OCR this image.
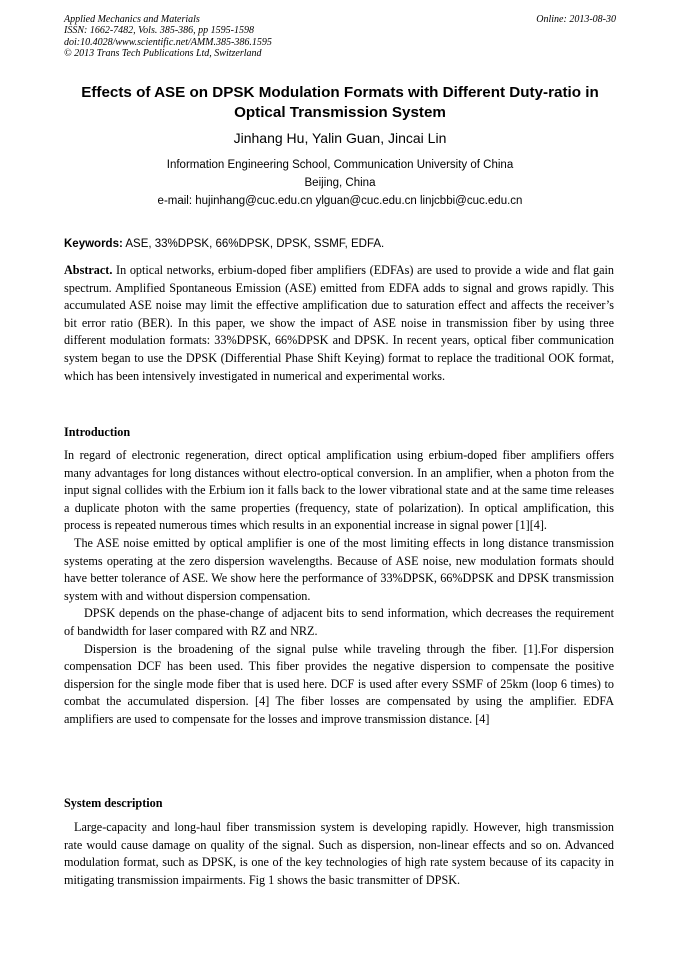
Applied Mechanics and Materials
ISSN: 1662-7482, Vols. 385-386, pp 1595-1598
doi:10.4028/www.scientific.net/AMM.385-386.1595
© 2013 Trans Tech Publications Ltd, Switzerland
Online: 2013-08-30
Effects of ASE on DPSK Modulation Formats with Different Duty-ratio in Optical Transmission System
Jinhang Hu, Yalin Guan, Jincai Lin
Information Engineering School, Communication University of China
Beijing, China
e-mail: hujinhang@cuc.edu.cn ylguan@cuc.edu.cn linjcbbi@cuc.edu.cn
Keywords: ASE, 33%DPSK, 66%DPSK, DPSK, SSMF, EDFA.
Abstract. In optical networks, erbium-doped fiber amplifiers (EDFAs) are used to provide a wide and flat gain spectrum. Amplified Spontaneous Emission (ASE) emitted from EDFA adds to signal and grows rapidly. This accumulated ASE noise may limit the effective amplification due to saturation effect and affects the receiver’s bit error ratio (BER). In this paper, we show the impact of ASE noise in transmission fiber by using three different modulation formats: 33%DPSK, 66%DPSK and DPSK. In recent years, optical fiber communication system began to use the DPSK (Differential Phase Shift Keying) format to replace the traditional OOK format, which has been intensively investigated in numerical and experimental works.
Introduction

In regard of electronic regeneration, direct optical amplification using erbium-doped fiber amplifiers offers many advantages for long distances without electro-optical conversion. In an amplifier, when a photon from the input signal collides with the Erbium ion it falls back to the lower vibrational state and at the same time releases a duplicate photon with the same properties (frequency, state of polarization). In optical amplification, this process is repeated numerous times which results in an exponential increase in signal power [1][4].

The ASE noise emitted by optical amplifier is one of the most limiting effects in long distance transmission systems operating at the zero dispersion wavelengths. Because of ASE noise, new modulation formats should have better tolerance of ASE. We show here the performance of 33%DPSK, 66%DPSK and DPSK transmission system with and without dispersion compensation.

DPSK depends on the phase-change of adjacent bits to send information, which decreases the requirement of bandwidth for laser compared with RZ and NRZ.

Dispersion is the broadening of the signal pulse while traveling through the fiber. [1].For dispersion compensation DCF has been used. This fiber provides the negative dispersion to compensate the positive dispersion for the single mode fiber that is used here. DCF is used after every SSMF of 25km (loop 6 times) to combat the accumulated dispersion. [4] The fiber losses are compensated by using the amplifier. EDFA amplifiers are used to compensate for the losses and improve transmission distance. [4]

System description

Large-capacity and long-haul fiber transmission system is developing rapidly. However, high transmission rate would cause damage on quality of the signal. Such as dispersion, non-linear effects and so on. Advanced modulation format, such as DPSK, is one of the key technologies of high rate system because of its capacity in mitigating transmission impairments. Fig 1 shows the basic transmitter of DPSK.
